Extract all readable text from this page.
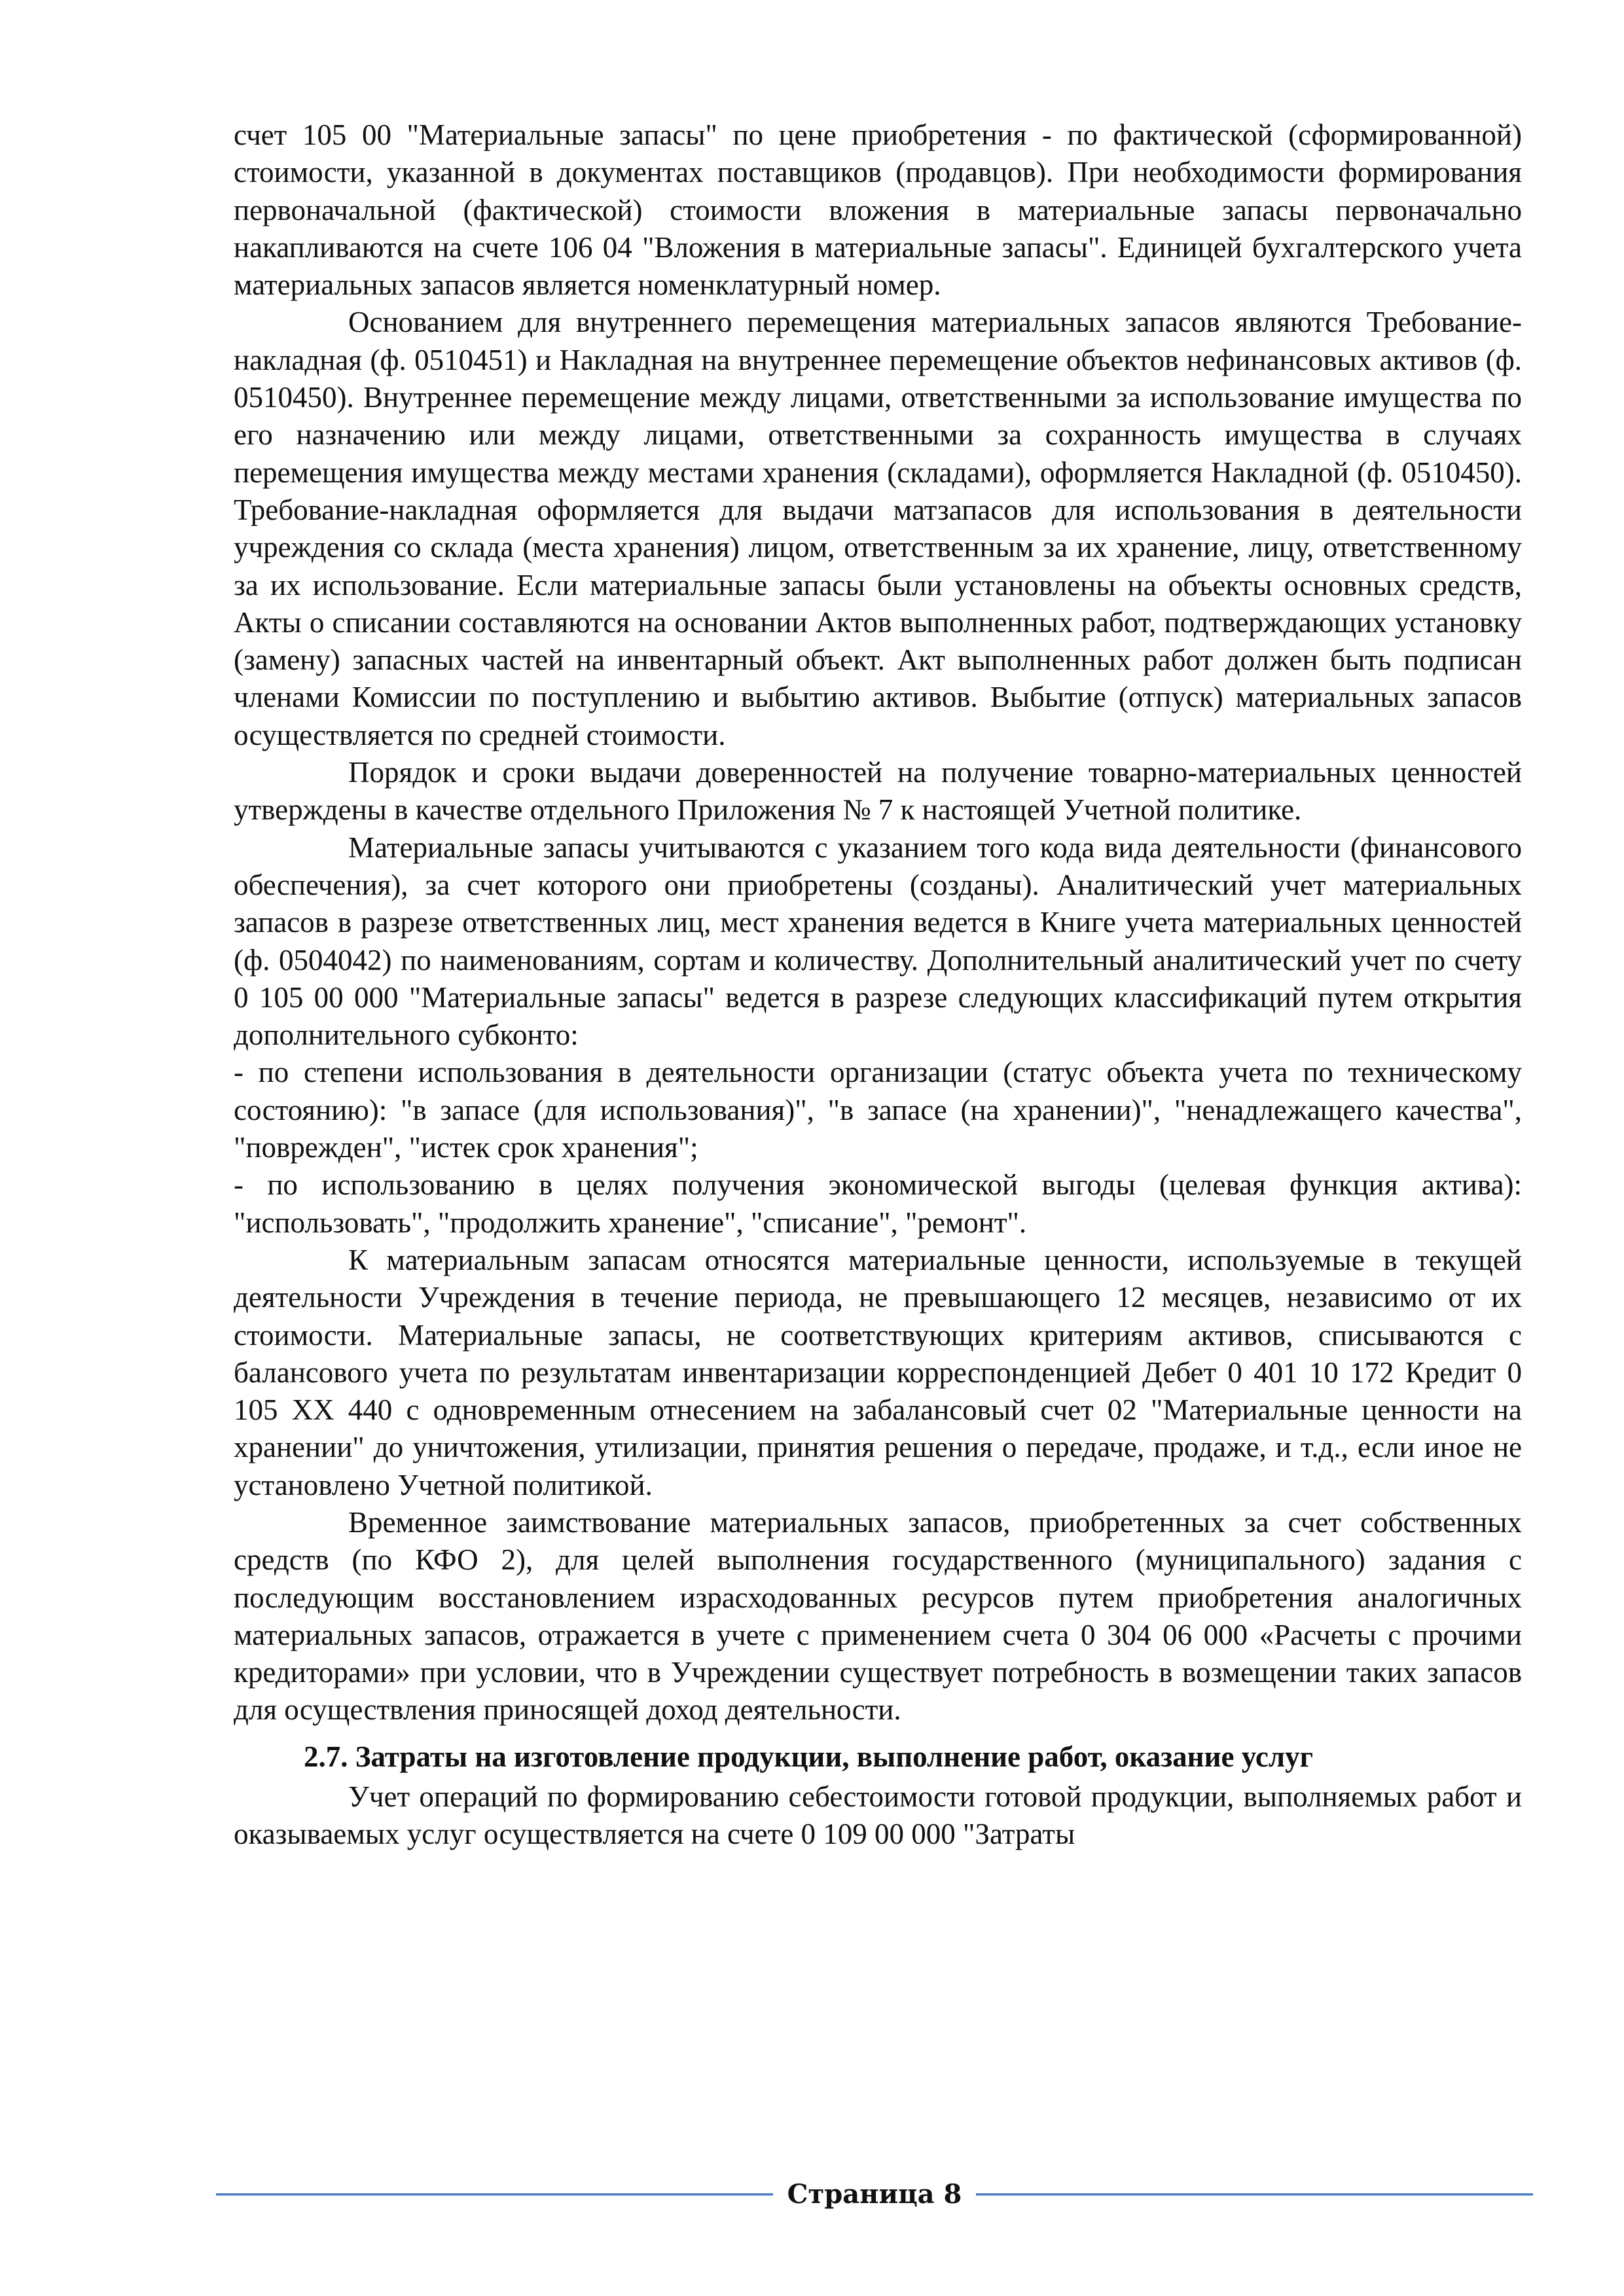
счет 105 00 "Материальные запасы" по цене приобретения - по фактической (сформированной) стоимости, указанной в документах поставщиков (продавцов). При необходимости формирования первоначальной (фактической) стоимости вложения в материальные запасы первоначально накапливаются на счете 106 04 "Вложения в материальные запасы". Единицей бухгалтерского учета материальных запасов является номенклатурный номер.

Основанием для внутреннего перемещения материальных запасов являются Требование-накладная (ф. 0510451) и Накладная на внутреннее перемещение объектов нефинансовых активов (ф. 0510450). Внутреннее перемещение между лицами, ответственными за использование имущества по его назначению или между лицами, ответственными за сохранность имущества в случаях перемещения имущества между местами хранения (складами), оформляется Накладной (ф. 0510450). Требование-накладная оформляется для выдачи матзапасов для использования в деятельности учреждения со склада (места хранения) лицом, ответственным за их хранение, лицу, ответственному за их использование. Если материальные запасы были установлены на объекты основных средств, Акты о списании составляются на основании Актов выполненных работ, подтверждающих установку (замену) запасных частей на инвентарный объект. Акт выполненных работ должен быть подписан членами Комиссии по поступлению и выбытию активов. Выбытие (отпуск) материальных запасов осуществляется по средней стоимости.

Порядок и сроки выдачи доверенностей на получение товарно-материальных ценностей утверждены в качестве отдельного Приложения № 7 к настоящей Учетной политике.

Материальные запасы учитываются с указанием того кода вида деятельности (финансового обеспечения), за счет которого они приобретены (созданы). Аналитический учет материальных запасов в разрезе ответственных лиц, мест хранения ведется в Книге учета материальных ценностей (ф. 0504042) по наименованиям, сортам и количеству. Дополнительный аналитический учет по счету 0 105 00 000 "Материальные запасы" ведется в разрезе следующих классификаций путем открытия дополнительного субконто:

- по степени использования в деятельности организации (статус объекта учета по техническому состоянию): "в запасе (для использования)", "в запасе (на хранении)", "ненадлежащего качества", "поврежден", "истек срок хранения";

- по использованию в целях получения экономической выгоды (целевая функция актива): "использовать", "продолжить хранение", "списание", "ремонт".

К материальным запасам относятся материальные ценности, используемые в текущей деятельности Учреждения в течение периода, не превышающего 12 месяцев, независимо от их стоимости. Материальные запасы, не соответствующих критериям активов, списываются с балансового учета по результатам инвентаризации корреспонденцией Дебет 0 401 10 172 Кредит 0 105 XX 440 с одновременным отнесением на забалансовый счет 02 "Материальные ценности на хранении" до уничтожения, утилизации, принятия решения о передаче, продаже, и т.д., если иное не установлено Учетной политикой.

Временное заимствование материальных запасов, приобретенных за счет собственных средств (по КФО 2), для целей выполнения государственного (муниципального) задания с последующим восстановлением израсходованных ресурсов путем приобретения аналогичных материальных запасов, отражается в учете с применением счета 0 304 06 000 «Расчеты с прочими кредиторами» при условии, что в Учреждении существует потребность в возмещении таких запасов для осуществления приносящей доход деятельности.

2.7. Затраты на изготовление продукции, выполнение работ, оказание услуг

Учет операций по формированию себестоимости готовой продукции, выполняемых работ и оказываемых услуг осуществляется на счете 0 109 00 000 "Затраты

Страница 8
